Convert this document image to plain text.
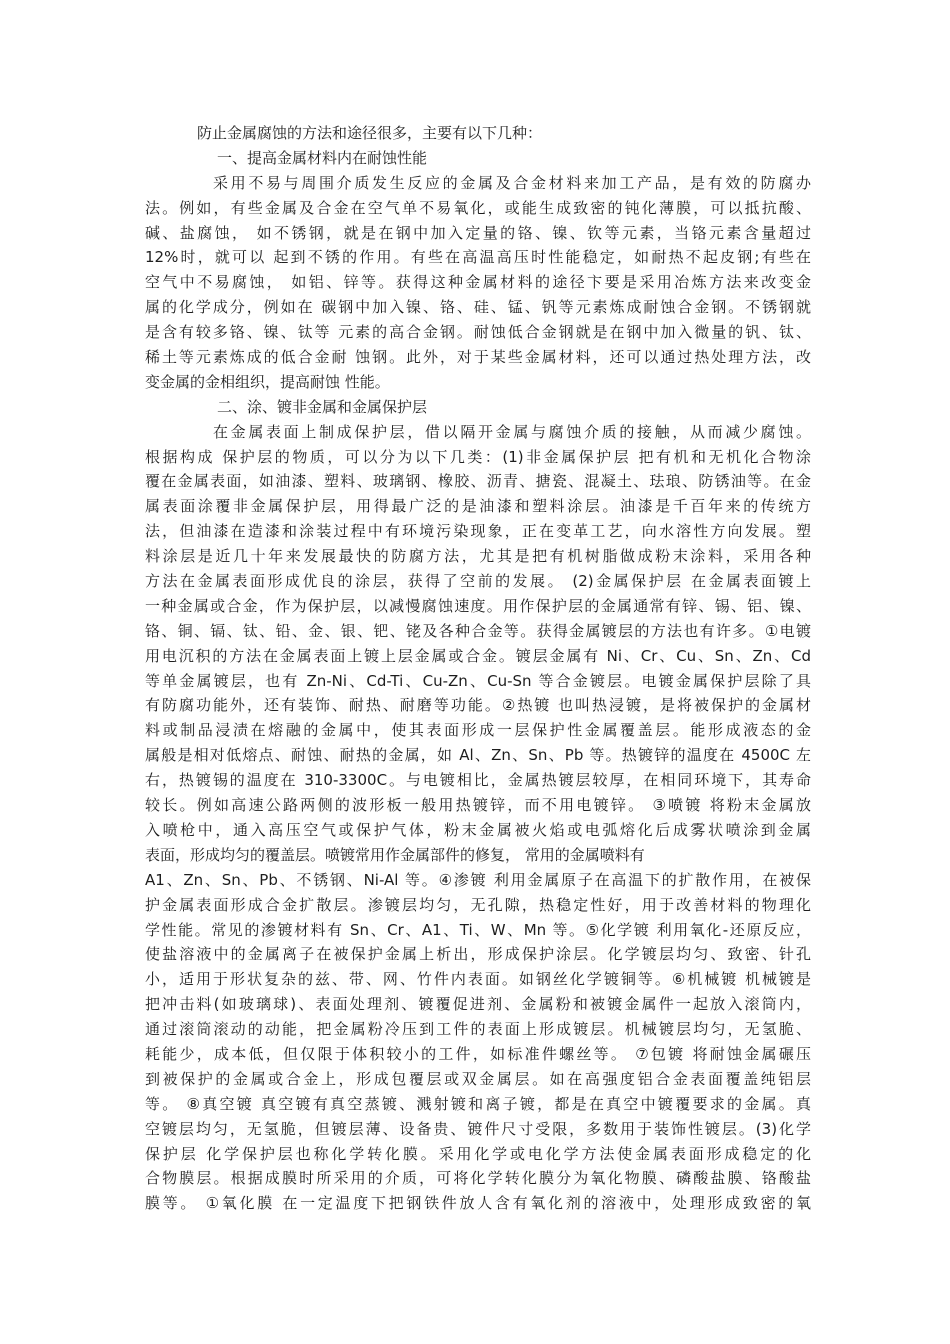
防止金属腐蚀的方法和途径很多，主要有以下几种：
一、提高金属材料内在耐蚀性能
采用不易与周围介质发生反应的金属及合金材料来加工产品，是有效的防腐办
法。例如，有些金属及合金在空气单不易氧化，或能生成致密的钝化薄膜，可以抵抗酸、
碱、盐腐蚀， 如不锈钢，就是在钢中加入定量的铬、镍、钦等元素，当铬元素含量超过
12%时，就可以 起到不锈的作用。有些在高温高压时性能稳定，如耐热不起皮钢;有些在
空气中不易腐蚀， 如铝、锌等。获得这种金属材料的途径卞要是采用冶炼方法来改变金
属的化学成分，例如在 碳钢中加入镍、铬、硅、锰、钒等元素炼成耐蚀合金钢。不锈钢就
是含有较多铬、镍、钛等 元素的高合金钢。耐蚀低合金钢就是在钢中加入微量的钒、钛、
稀土等元素炼成的低合金耐 蚀钢。此外，对于某些金属材料，还可以通过热处理方法，改
变金属的金相组织，提高耐蚀 性能。
二、涂、镀非金属和金属保护层
在金属表面上制成保护层，借以隔开金属与腐蚀介质的接触，从而减少腐蚀。
根据构成 保护层的物质，可以分为以下几类：(1)非金属保护层 把有机和无机化合物涂
覆在金属表面，如油漆、塑料、玻璃钢、橡胶、沥青、搪瓷、混凝土、珐琅、防锈油等。在金
属表面涂覆非金属保护层，用得最广泛的是油漆和塑料涂层。油漆是千百年来的传统方
法，但油漆在造漆和涂装过程中有环境污染现象，正在变革工艺，向水溶性方向发展。塑
料涂层是近几十年来发展最快的防腐方法，尤其是把有机树脂做成粉末涂料，采用各种
方法在金属表面形成优良的涂层，获得了空前的发展。 (2)金属保护层 在金属表面镀上
一种金属或合金，作为保护层，以减慢腐蚀速度。用作保护层的金属通常有锌、锡、铝、镍、
铬、铜、镉、钛、铅、金、银、钯、铑及各种合金等。获得金属镀层的方法也有许多。①电镀
用电沉积的方法在金属表面上镀上层金属或合金。镀层金属有 Ni、Cr、Cu、Sn、Zn、Cd
等单金属镀层，也有 Zn-Ni、Cd-Ti、Cu-Zn、Cu-Sn 等合金镀层。电镀金属保护层除了具
有防腐功能外，还有装饰、耐热、耐磨等功能。②热镀 也叫热浸镀，是将被保护的金属材
料或制品浸渍在熔融的金属中，使其表面形成一层保护性金属覆盖层。能形成液态的金
属般是相对低熔点、耐蚀、耐热的金属，如 Al、Zn、Sn、Pb 等。热镀锌的温度在 4500C 左
右，热镀锡的温度在 310-3300C。与电镀相比，金属热镀层较厚，在相同环境下，其寿命
较长。例如高速公路两侧的波形板一般用热镀锌，而不用电镀锌。 ③喷镀 将粉末金属放
入喷枪中，通入高压空气或保护气体，粉末金属被火焰或电弧熔化后成雾状喷涂到金属
表面，形成均匀的覆盖层。喷镀常用作金属部件的修复， 常用的金属喷料有
A1、Zn、Sn、Pb、不锈钢、Ni-Al 等。④渗镀 利用金属原子在高温下的扩散作用，在被保
护金属表面形成合金扩散层。渗镀层均匀，无孔隙，热稳定性好，用于改善材料的物理化
学性能。常见的渗镀材料有 Sn、Cr、A1、Ti、W、Mn 等。⑤化学镀 利用氧化-还原反应，
使盐溶液中的金属离子在被保护金属上析出，形成保护涂层。化学镀层均匀、致密、针孔
小，适用于形状复杂的兹、带、网、竹件内表面。如钢丝化学镀铜等。⑥机械镀 机械镀是
把冲击料(如玻璃球)、表面处理剂、镀覆促进剂、金属粉和被镀金属件一起放入滚筒内，
通过滚筒滚动的动能，把金属粉冷压到工件的表面上形成镀层。机械镀层均匀，无氢脆、
耗能少，成本低，但仅限于体积较小的工件，如标准件螺丝等。 ⑦包镀 将耐蚀金属碾压
到被保护的金属或合金上，形成包覆层或双金属层。如在高强度铝合金表面覆盖纯铝层
等。 ⑧真空镀 真空镀有真空蒸镀、溅射镀和离子镀，都是在真空中镀覆要求的金属。真
空镀层均匀，无氢脆，但镀层薄、设备贵、镀件尺寸受限，多数用于装饰性镀层。(3)化学
保护层 化学保护层也称化学转化膜。采用化学或电化学方法使金属表面形成稳定的化
合物膜层。根据成膜时所采用的介质，可将化学转化膜分为氧化物膜、磷酸盐膜、铬酸盐
膜等。 ①氧化膜 在一定温度下把钢铁件放人含有氧化剂的溶液中，处理形成致密的氧
